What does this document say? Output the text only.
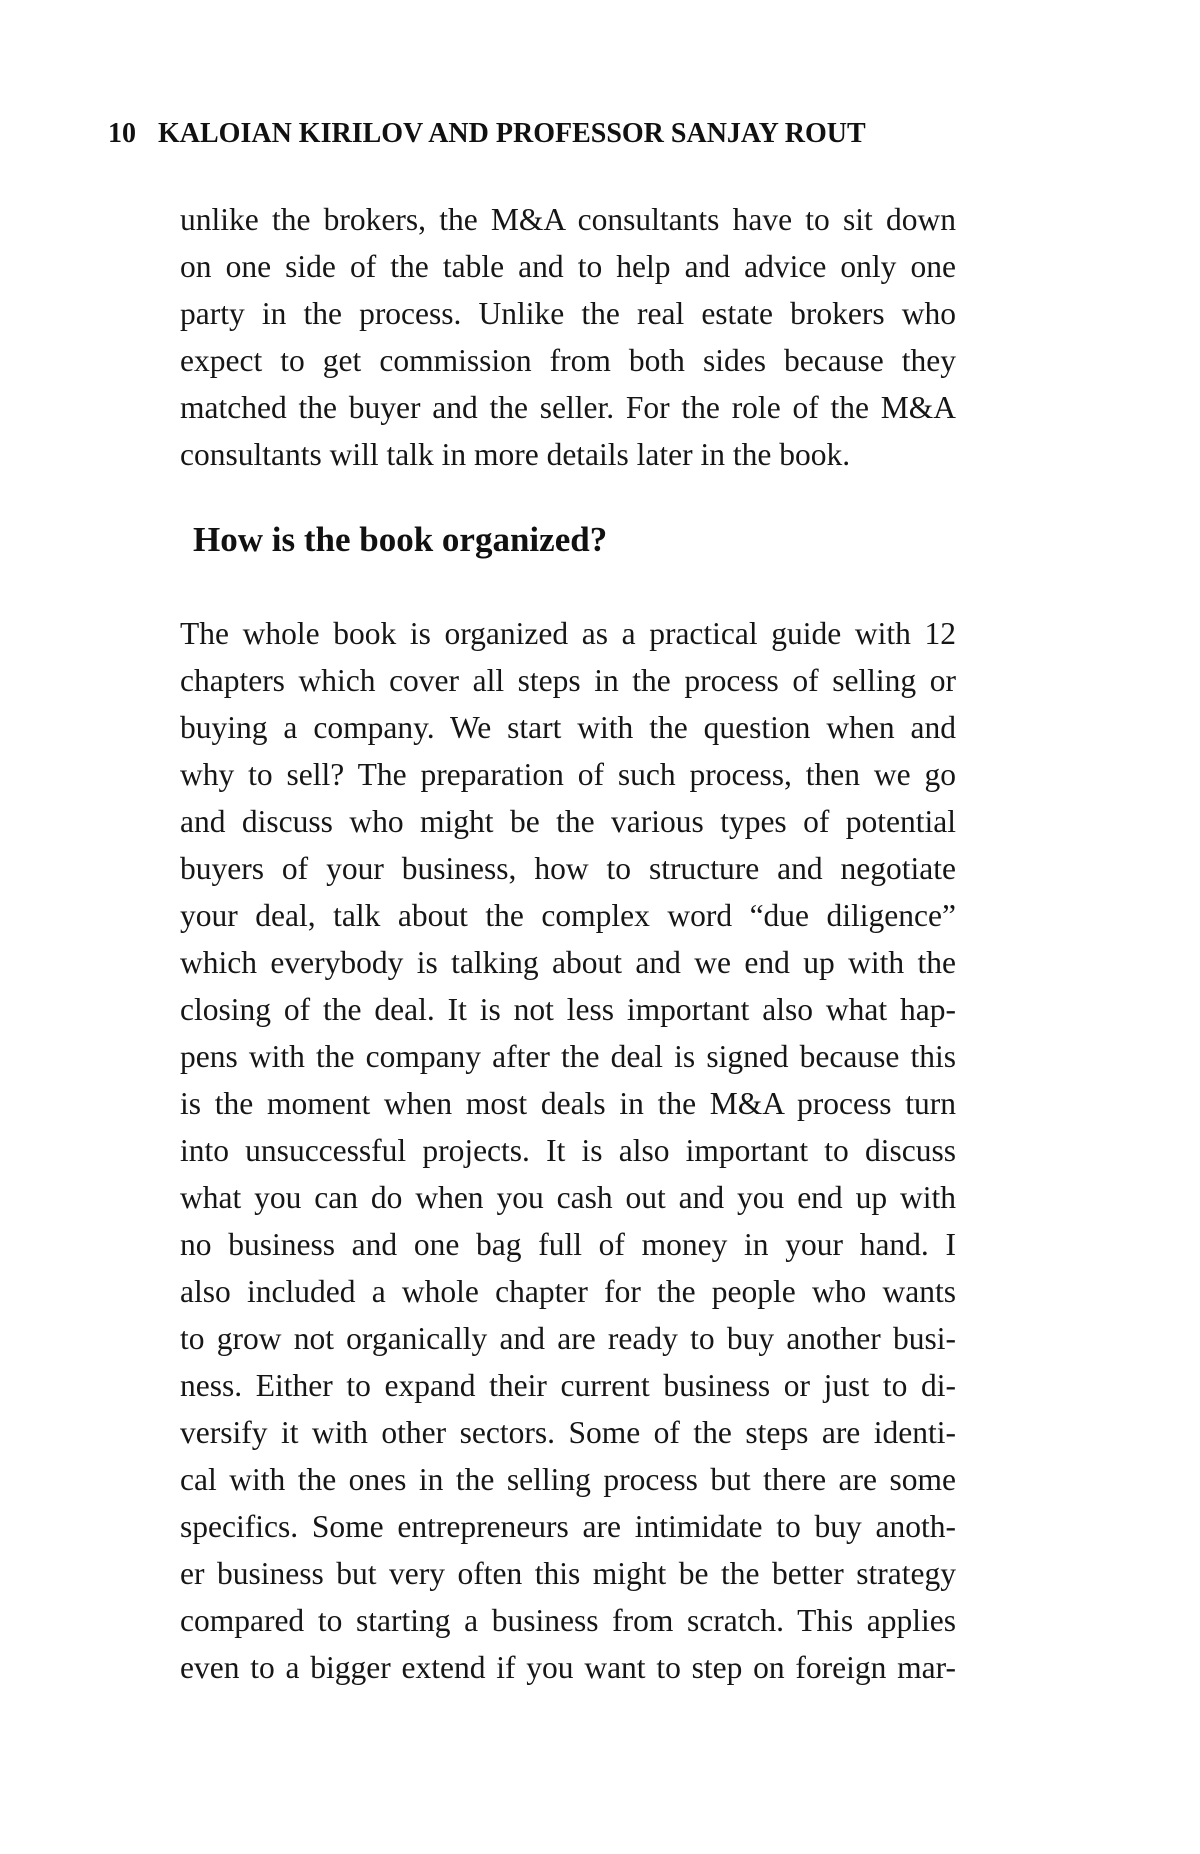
10 KALOIAN KIRILOV AND PROFESSOR SANJAY ROUT
unlike the brokers, the M&A consultants have to sit down
on one side of the table and to help and advice only one
party in the process. Unlike the real estate brokers who
expect to get commission from both sides because they
matched the buyer and the seller. For the role of the M&A
consultants will talk in more details later in the book.
How is the book organized?
The whole book is organized as a practical guide with 12
chapters which cover all steps in the process of selling or
buying a company. We start with the question when and
why to sell? The preparation of such process, then we go
and discuss who might be the various types of potential
buyers of your business, how to structure and negotiate
your deal, talk about the complex word “due diligence”
which everybody is talking about and we end up with the
closing of the deal. It is not less important also what hap-
pens with the company after the deal is signed because this
is the moment when most deals in the M&A process turn
into unsuccessful projects. It is also important to discuss
what you can do when you cash out and you end up with
no business and one bag full of money in your hand. I
also included a whole chapter for the people who wants
to grow not organically and are ready to buy another busi-
ness. Either to expand their current business or just to di-
versify it with other sectors. Some of the steps are identi-
cal with the ones in the selling process but there are some
specifics. Some entrepreneurs are intimidate to buy anoth-
er business but very often this might be the better strategy
compared to starting a business from scratch. This applies
even to a bigger extend if you want to step on foreign mar-
